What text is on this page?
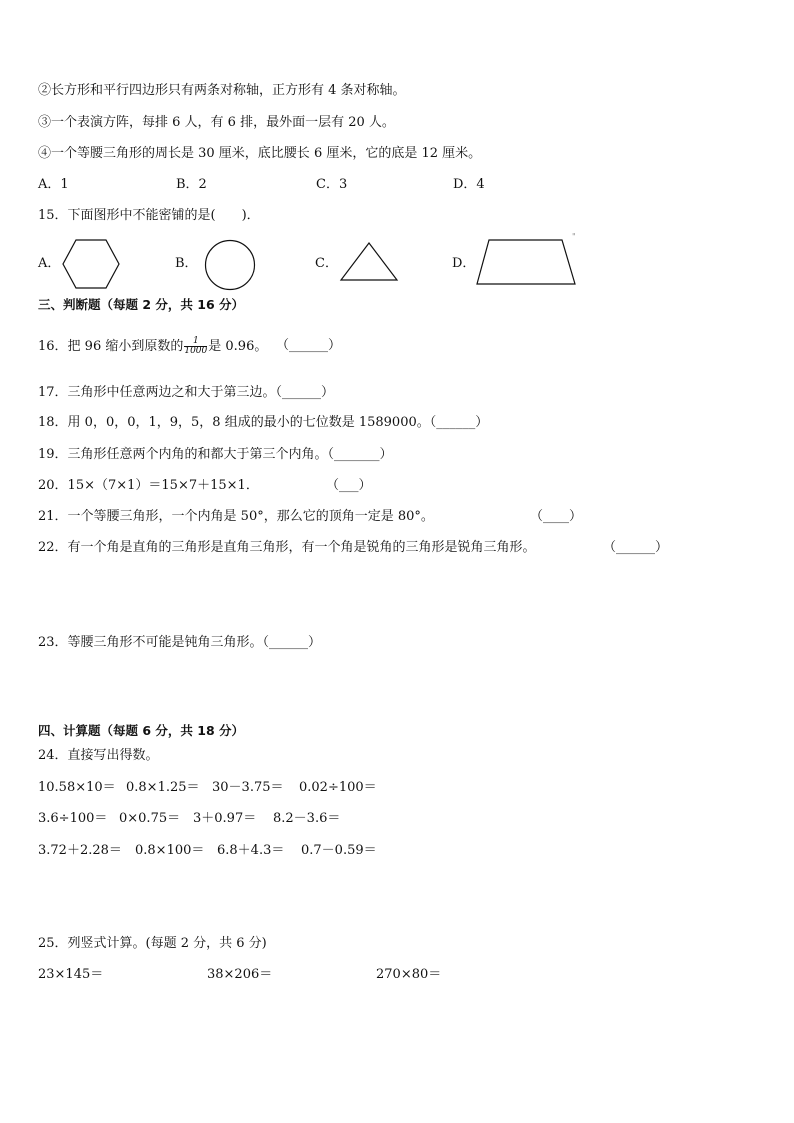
②长方形和平行四边形只有两条对称轴，正方形有 4 条对称轴。
③一个表演方阵，每排 6 人，有 6 排，最外面一层有 20 人。
④一个等腰三角形的周长是 30 厘米，底比腰长 6 厘米，它的底是 12 厘米。
A．1	B．2	C．3	D．4
15．下面图形中不能密铺的是(　　)．
A．	B．	C．	D．
"
三、判断题（每题 2 分，共 16 分）
16．把 96 缩小到原数的 $\frac{1}{1000}$ 是 0.96。 （______）
17．三角形中任意两边之和大于第三边。（______）
18．用 0，0，0，1，9，5，8 组成的最小的七位数是 1589000。（______）
19．三角形任意两个内角的和都大于第三个内角。（_______）
20．15×（7×1）＝15×7＋15×1．	（___）
21．一个等腰三角形，一个内角是 50°，那么它的顶角一定是 80°。	（____）
22．有一个角是直角的三角形是直角三角形，有一个角是锐角的三角形是锐角三角形。	（______）
23．等腰三角形不可能是钝角三角形。（______）
四、计算题（每题 6 分，共 18 分）
24．直接写出得数。
10.58×10＝ 0.8×1.25＝ 30－3.75＝ 0.02÷100＝
3.6÷100＝ 0×0.75＝ 3＋0.97＝ 8.2－3.6＝
3.72＋2.28＝ 0.8×100＝ 6.8＋4.3＝ 0.7－0.59＝
25．列竖式计算。(每题 2 分，共 6 分)
23×145＝	38×206＝	270×80＝
